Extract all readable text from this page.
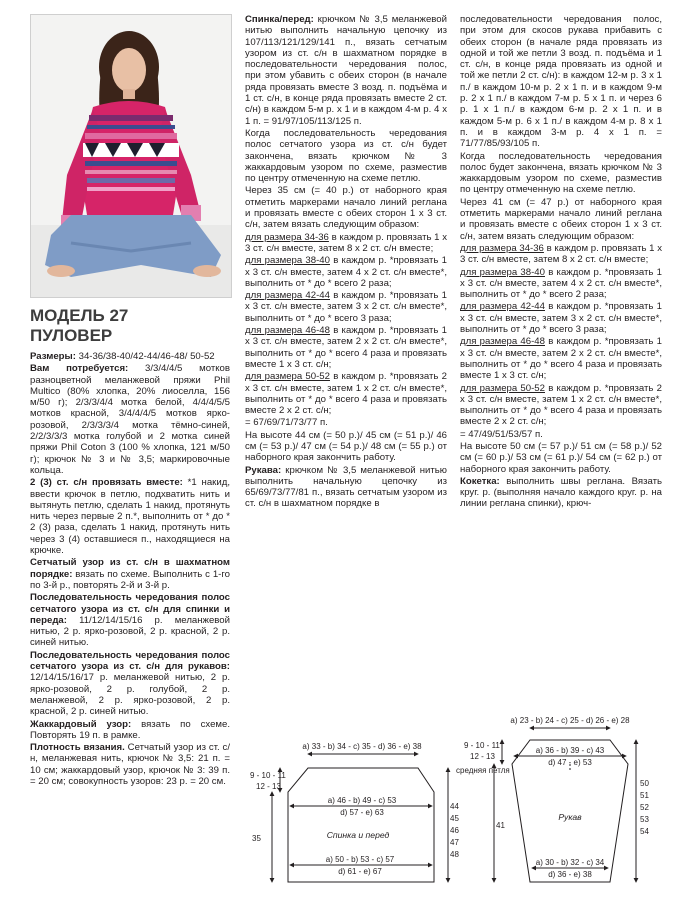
МОДЕЛЬ 27

ПУЛОВЕР

Размеры: 34-36/38-40/42-44/46-48/ 50-52

Вам потребуется: 3/3/4/4/5 мотков разноцветной меланжевой пряжи Phil Multico (80% хлопка, 20% лиоселла, 156 м/50 г); 2/3/3/4/4 мотка белой, 4/4/4/5/5 мотков красной, 3/4/4/4/5 мотков ярко-розовой, 2/3/3/3/4 мотка тёмно-синей, 2/2/3/3/3 мотка голубой и 2 мотка синей пряжи Phil Coton 3 (100 % хлопка, 121 м/50 г); крючок № 3 и № 3,5; маркировочные кольца.

2 (3) ст. с/н провязать вместе: *1 накид, ввести крючок в петлю, подхватить нить и вытянуть петлю, сделать 1 накид, протянуть нить через первые 2 п.*, выполнить от * до * 2 (3) раза, сделать 1 накид, протянуть нить через 3 (4) оставшиеся п., находящиеся на крючке.

Сетчатый узор из ст. с/н в шахматном порядке: вязать по схеме. Выполнить с 1-го по 3-й р., повторять 2-й и 3-й р.

Последовательность чередования полос сетчатого узора из ст. с/н для спинки и переда: 11/12/14/15/16 р. меланжевой нитью, 2 р. ярко-розовой, 2 р. красной, 2 р. синей нитью.

Последовательность чередования полос сетчатого узора из ст. с/н для рукавов: 12/14/15/16/17 р. меланжевой нитью, 2 р. ярко-розовой, 2 р. голубой, 2 р. меланжевой, 2 р. ярко-розовой, 2 р. красной, 2 р. синей нитью.

Жаккардовый узор: вязать по схеме. Повторять 19 п. в рамке.

Плотность вязания. Сетчатый узор из ст. с/н, меланжевая нить, крючок № 3,5: 21 п. = 10 см; жаккардовый узор, крючок № 3: 39 п. = 20 см; совокупность узоров: 23 р. = 20 см.

Спинка/перед: крючком № 3,5 меланжевой нитью выполнить начальную цепочку из 107/113/121/129/141 п., вязать сетчатым узором из ст. с/н в шахматном порядке в последовательности чередования полос, при этом убавить с обеих сторон (в начале ряда провязать вместе 3 возд. п. подъёма и 1 ст. с/н, в конце ряда провязать вместе 2 ст. с/н) в каждом 5-м р. х 1 и в каждом 4-м р. 4 х 1 п. = 91/97/105/113/125 п.

Когда последовательность чередования полос сетчатого узора из ст. с/н будет закончена, вязать крючком № 3 жаккардовым узором по схеме, разместив по центру отмеченную на схеме петлю.

Через 35 см (= 40 р.) от наборного края отметить маркерами начало линий реглана и провязать вместе с обеих сторон 1 х 3 ст. с/н, затем вязать следующим образом:

для размера 34-36 в каждом р. провязать 1 х 3 ст. с/н вместе, затем 8 х 2 ст. с/н вместе;

для размера 38-40 в каждом р. *провязать 1 х 3 ст. с/н вместе, затем 4 х 2 ст. с/н вместе*, выполнить от * до * всего 2 раза;

для размера 42-44 в каждом р. *провязать 1 х 3 ст. с/н вместе, затем 3 х 2 ст. с/н вместе*, выполнить от * до * всего 3 раза;

для размера 46-48 в каждом р. *провязать 1 х 3 ст. с/н вместе, затем 2 х 2 ст. с/н вместе*, выполнить от * до * всего 4 раза и провязать вместе 1 х 3 ст. с/н;

для размера 50-52 в каждом р. *провязать 2 х 3 ст. с/н вместе, затем 1 х 2 ст. с/н вместе*, выполнить от * до * всего 4 раза и провязать вместе 2 х 2 ст. с/н;

= 67/69/71/73/77 п.

На высоте 44 см (= 50 р.)/ 45 см (= 51 р.)/ 46 см (= 53 р.)/ 47 см (= 54 р.)/ 48 см (= 55 р.) от наборного края закончить работу.

Рукава: крючком № 3,5 меланжевой нитью выполнить начальную цепочку из 65/69/73/77/81 п., вязать сетчатым узором из ст. с/н в шахматном порядке в

последовательности чередования полос, при этом для скосов рукава прибавить с обеих сторон (в начале ряда провязать из одной и той же петли 3 возд. п. подъёма и 1 ст. с/н, в конце ряда провязать из одной и той же петли 2 ст. с/н): в каждом 12-м р. 3 х 1 п./ в каждом 10-м р. 2 х 1 п. и в каждом 9-м р. 2 х 1 п./ в каждом 7-м р. 5 х 1 п. и через 6 р. 1 х 1 п./ в каждом 6-м р. 2 х 1 п. и в каждом 5-м р. 6 х 1 п./ в каждом 4-м р. 8 х 1 п. и в каждом 3-м р. 4 х 1 п. = 71/77/85/93/105 п.

Когда последовательность чередования полос будет закончена, вязать крючком № 3 жаккардовым узором по схеме, разместив по центру отмеченную на схеме петлю.

Через 41 см (= 47 р.) от наборного края отметить маркерами начало линий реглана и провязать вместе с обеих сторон 1 х 3 ст. с/н, затем вязать следующим образом:

для размера 34-36 в каждом р. провязать 1 х 3 ст. с/н вместе, затем 8 х 2 ст. с/н вместе;

для размера 38-40 в каждом р. *провязать 1 х 3 ст. с/н вместе, затем 4 х 2 ст. с/н вместе*, выполнить от * до * всего 2 раза;

для размера 42-44 в каждом р. *провязать 1 х 3 ст. с/н вместе, затем 3 х 2 ст. с/н вместе*, выполнить от * до * всего 3 раза;

для размера 46-48 в каждом р. *провязать 1 х 3 ст. с/н вместе, затем 2 х 2 ст. с/н вместе*, выполнить от * до * всего 4 раза и провязать вместе 1 х 3 ст. с/н;

для размера 50-52 в каждом р. *провязать 2 х 3 ст. с/н вместе, затем 1 х 2 ст. с/н вместе*, выполнить от * до * всего 4 раза и провязать вместе 2 х 2 ст. с/н;

= 47/49/51/53/57 п.

На высоте 50 см (= 57 р.)/ 51 см (= 58 р.)/ 52 см (= 60 р.)/ 53 см (= 61 р.)/ 54 см (= 62 р.) от наборного края закончить работу.

Кокетка: выполнить швы реглана. Вязать круг. р. (выполняя начало каждого круг. р. на линии реглана спинки), крюч-

a) 33 - b) 34 - c) 35 - d) 36 - e) 38
9 - 10 - 11
12 - 13
a) 46 - b) 49 - c) 53
d) 57 - e) 63
Спинка и перед
a) 50 - b) 53 - c) 57
d) 61 - e) 67
35
44
45
46
47
48
a) 23 - b) 24 - c) 25 - d) 26 - e) 28
9 - 10 - 11
12 - 13
средняя петля
a) 36 - b) 39 - c) 43
d) 47 - e) 53
Рукав
a) 30 - b) 32 - c) 34
d) 36 - e) 38
41
50
51
52
53
54
